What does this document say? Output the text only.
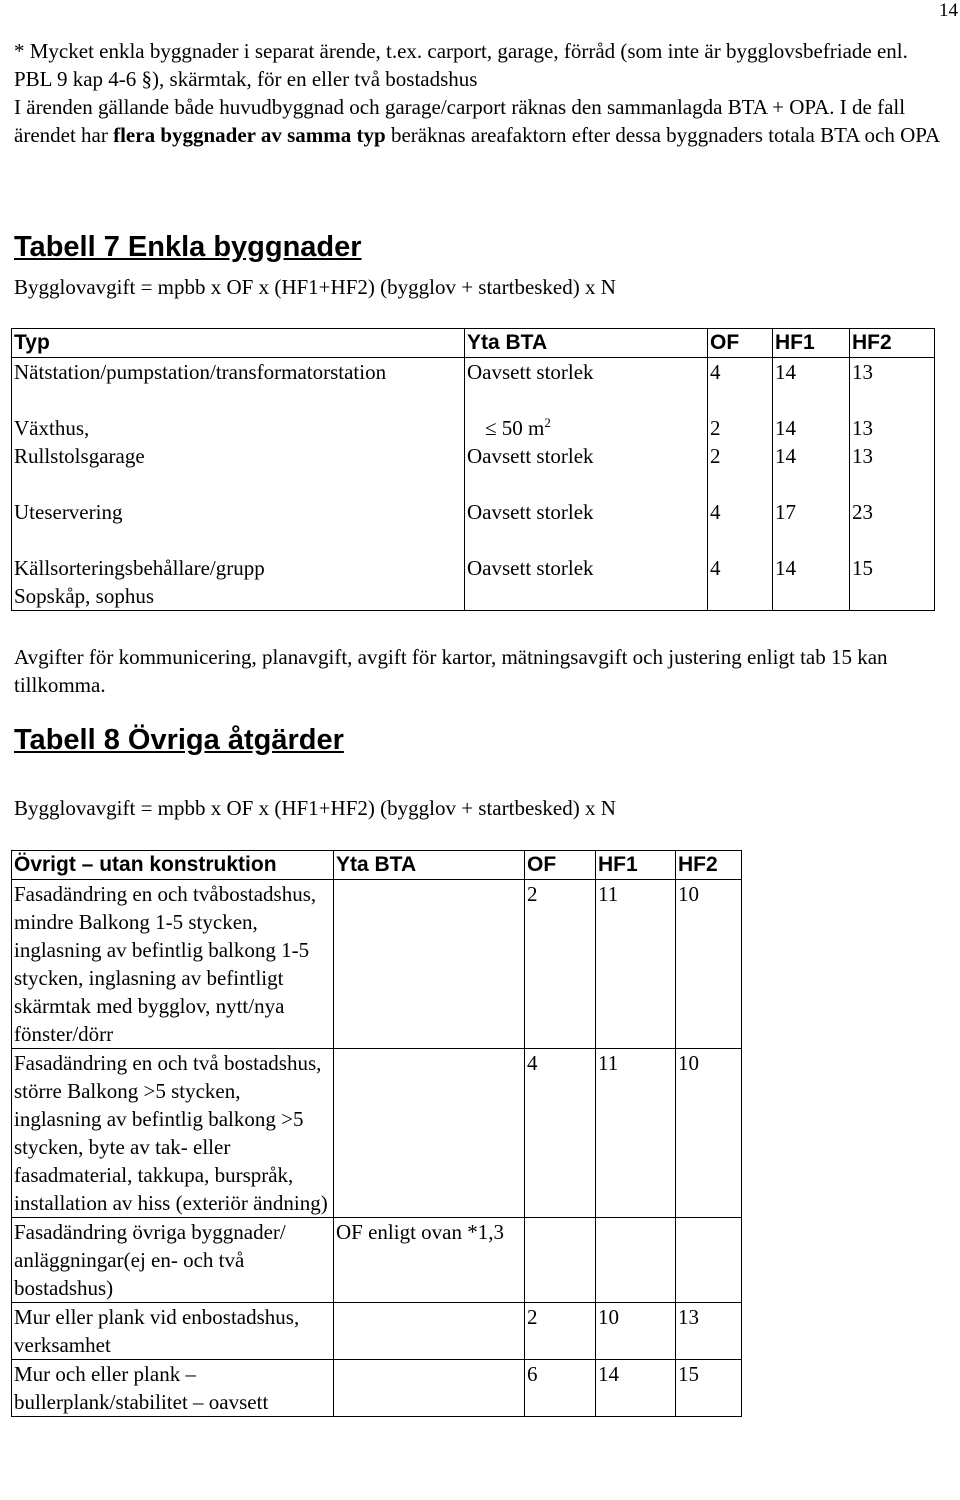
14
* Mycket enkla byggnader i separat ärende, t.ex. carport, garage, förråd (som inte är bygglovsbefriade enl. PBL 9 kap 4-6 §), skärmtak, för en eller två bostadshus
I ärenden gällande både huvudbyggnad och garage/carport räknas den sammanlagda BTA + OPA. I de fall ärendet har flera byggnader av samma typ beräknas areafaktorn efter dessa byggnaders totala BTA och OPA
Tabell 7 Enkla byggnader
Bygglovavgift = mpbb x OF x (HF1+HF2) (bygglov + startbesked) x N
Typ	Yta BTA	OF	HF1	HF2
Nätstation/pumpstation/transformatorstation	Oavsett storlek	4	14	13

Växthus,	≤ 50 $m^2$	2	14	13
Rullstolsgarage	Oavsett storlek	2	14	13

Uteservering	Oavsett storlek	4	17	23

Källsorteringsbehållare/grupp
Sopskåp, sophus	Oavsett storlek	4	14	15
Avgifter för kommunicering, planavgift, avgift för kartor, mätningsavgift och justering enligt tab 15 kan tillkomma.
Tabell 8 Övriga åtgärder
Bygglovavgift = mpbb x OF x (HF1+HF2) (bygglov + startbesked) x N
Övrigt – utan konstruktion	Yta BTA	OF	HF1	HF2
Fasadändring en och tvåbostadshus, mindre Balkong 1-5 stycken, inglasning av befintlig balkong 1-5 stycken, inglasning av befintligt skärmtak med bygglov, nytt/nya fönster/dörr		2	11	10
Fasadändring en och två bostadshus, större Balkong >5 stycken, inglasning av befintlig balkong >5 stycken, byte av tak- eller fasadmaterial, takkupa, burspråk, installation av hiss (exteriör ändning)		4	11	10
Fasadändring övriga byggnader/ anläggningar(ej en- och två bostadshus)	OF enligt ovan *1,3			
Mur eller plank vid enbostadshus, verksamhet		2	10	13
Mur och eller plank – bullerplank/stabilitet – oavsett		6	14	15
